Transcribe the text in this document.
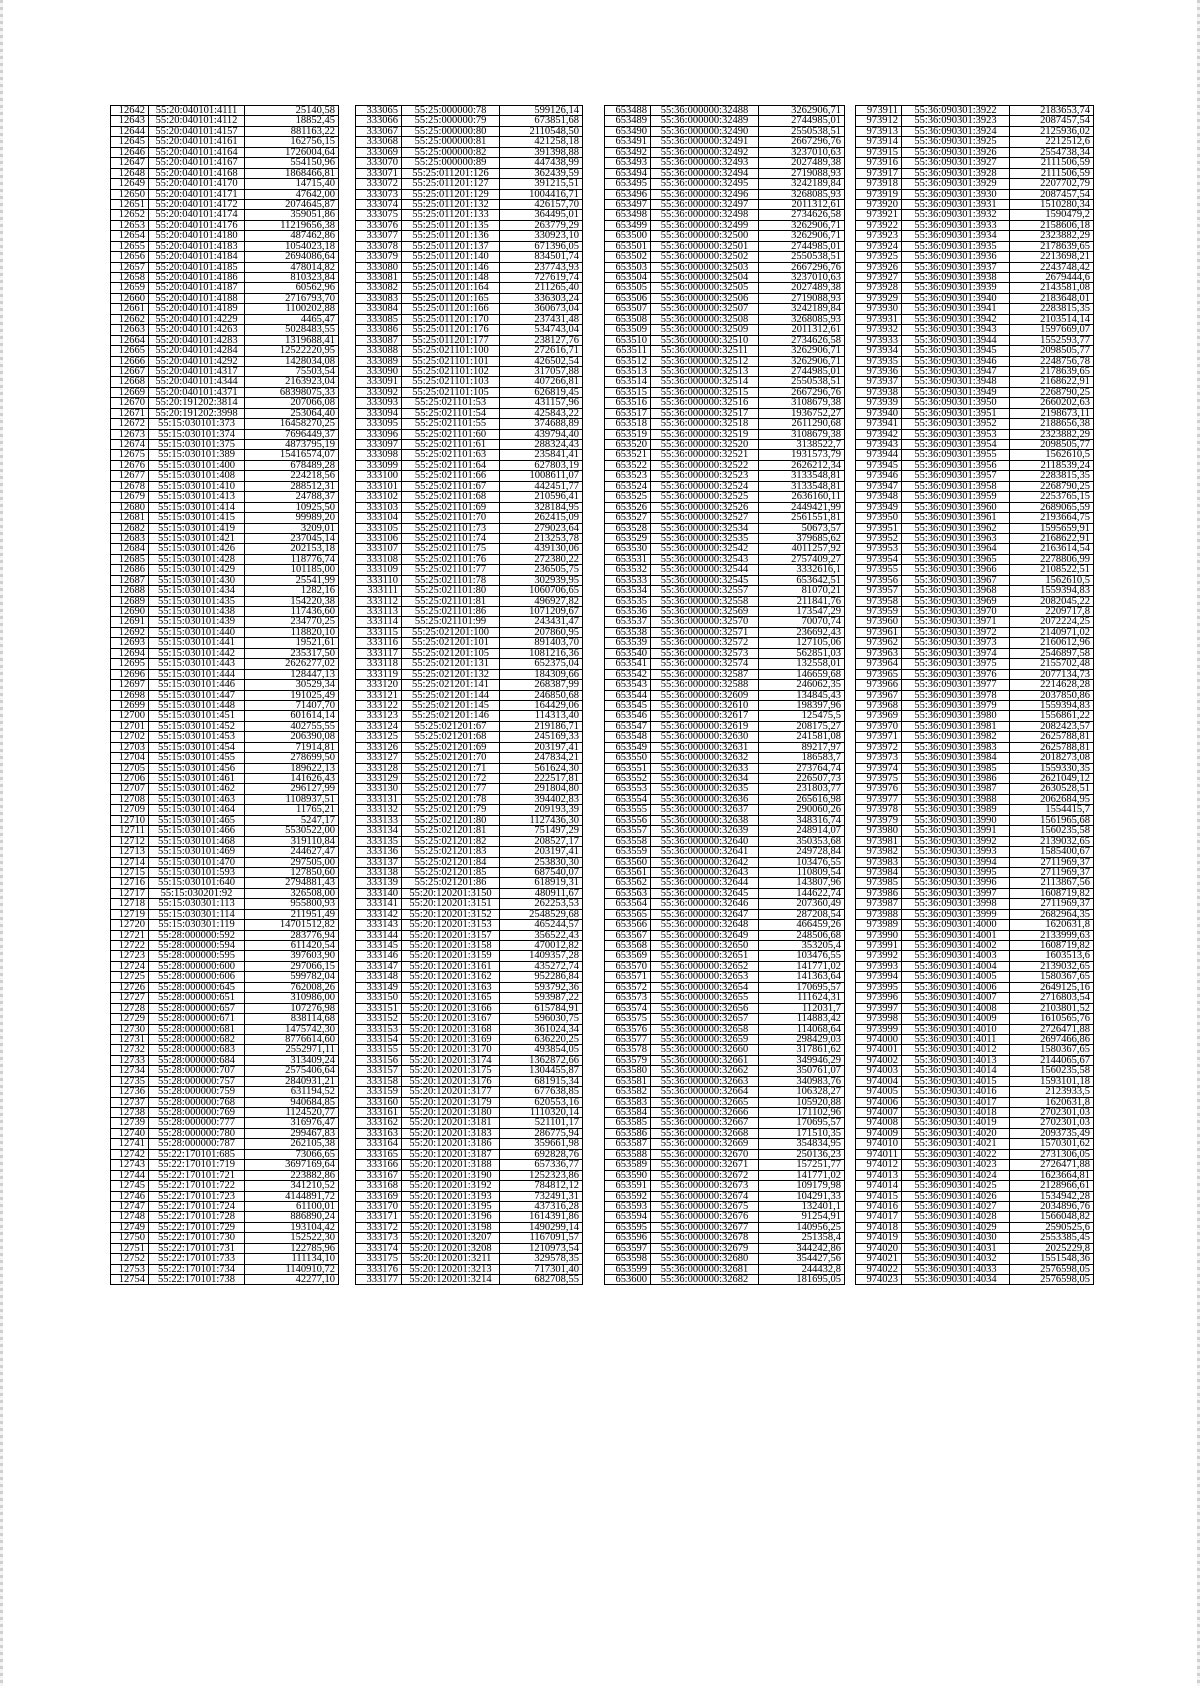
12642	55:20:040101:4111	25140,58
12643	55:20:040101:4112	18852,45
12644	55:20:040101:4157	881163,22
12645	55:20:040101:4161	162756,15
12646	55:20:040101:4164	1726004,64
12647	55:20:040101:4167	554150,96
12648	55:20:040101:4168	1868466,81
12649	55:20:040101:4170	14715,40
12650	55:20:040101:4171	47642,00
12651	55:20:040101:4172	2074645,87
12652	55:20:040101:4174	359051,86
12653	55:20:040101:4176	11219656,38
12654	55:20:040101:4180	487462,86
12655	55:20:040101:4183	1054023,18
12656	55:20:040101:4184	2694086,64
12657	55:20:040101:4185	478014,82
12658	55:20:040101:4186	810323,84
12659	55:20:040101:4187	60562,96
12660	55:20:040101:4188	2716793,70
12661	55:20:040101:4189	1100202,88
12662	55:20:040101:4229	4465,47
12663	55:20:040101:4263	5028483,55
12664	55:20:040101:4283	1319688,41
12665	55:20:040101:4284	12522220,95
12666	55:20:040101:4292	1428034,08
12667	55:20:040101:4317	75503,54
12668	55:20:040101:4344	2163923,04
12669	55:20:040101:4371	68398075,33
12670	55:20:191202:3814	207066,08
12671	55:20:191202:3998	253064,40
12672	55:15:030101:373	16458270,25
12673	55:15:030101:374	7696449,37
12674	55:15:030101:375	4873795,19
12675	55:15:030101:389	15416574,07
12676	55:15:030101:400	678489,28
12677	55:15:030101:408	224218,56
12678	55:15:030101:410	288512,31
12679	55:15:030101:413	24788,37
12680	55:15:030101:414	10925,50
12681	55:15:030101:415	99989,20
12682	55:15:030101:419	3209,01
12683	55:15:030101:421	237045,14
12684	55:15:030101:426	202153,18
12685	55:15:030101:428	118776,74
12686	55:15:030101:429	101185,00
12687	55:15:030101:430	25541,99
12688	55:15:030101:434	1282,16
12689	55:15:030101:435	154220,38
12690	55:15:030101:438	117436,60
12691	55:15:030101:439	234770,25
12692	55:15:030101:440	118820,10
12693	55:15:030101:441	19521,61
12694	55:15:030101:442	235317,50
12695	55:15:030101:443	2626277,02
12696	55:15:030101:444	128447,13
12697	55:15:030101:446	30529,34
12698	55:15:030101:447	191025,49
12699	55:15:030101:448	71407,70
12700	55:15:030101:451	601614,14
12701	55:15:030101:452	402755,55
12702	55:15:030101:453	206390,08
12703	55:15:030101:454	71914,81
12704	55:15:030101:455	278699,50
12705	55:15:030101:456	189622,13
12706	55:15:030101:461	141626,43
12707	55:15:030101:462	296127,99
12708	55:15:030101:463	1108937,51
12709	55:15:030101:464	11765,21
12710	55:15:030101:465	5247,17
12711	55:15:030101:466	5530522,00
12712	55:15:030101:468	319110,84
12713	55:15:030101:469	244627,47
12714	55:15:030101:470	297505,00
12715	55:15:030101:593	127850,60
12716	55:15:030101:640	2794881,43
12717	55:15:030201:92	326508,00
12718	55:15:030301:113	955800,93
12719	55:15:030301:114	211951,49
12720	55:15:030301:119	14701512,82
12721	55:28:000000:592	283776,94
12722	55:28:000000:594	611420,54
12723	55:28:000000:595	397603,90
12724	55:28:000000:600	297066,15
12725	55:28:000000:606	599782,04
12726	55:28:000000:645	762008,26
12727	55:28:000000:651	310986,00
12728	55:28:000000:657	107276,98
12729	55:28:000000:671	838114,68
12730	55:28:000000:681	1475742,30
12731	55:28:000000:682	8776614,60
12732	55:28:000000:683	2552971,11
12733	55:28:000000:684	313409,24
12734	55:28:000000:707	2575406,64
12735	55:28:000000:757	2840931,21
12736	55:28:000000:759	631194,52
12737	55:28:000000:768	940684,85
12738	55:28:000000:769	1124520,77
12739	55:28:000000:777	316976,47
12740	55:28:000000:780	299467,83
12741	55:28:000000:787	262105,38
12742	55:22:170101:685	73066,65
12743	55:22:170101:719	3697169,64
12744	55:22:170101:721	223882,86
12745	55:22:170101:722	341210,52
12746	55:22:170101:723	4144891,72
12747	55:22:170101:724	61100,01
12748	55:22:170101:728	886890,24
12749	55:22:170101:729	193104,42
12750	55:22:170101:730	152522,30
12751	55:22:170101:731	122785,96
12752	55:22:170101:733	111134,10
12753	55:22:170101:734	1140910,72
12754	55:22:170101:738	42277,10
333065	55:25:000000:78	599126,14
333066	55:25:000000:79	673851,68
333067	55:25:000000:80	2110548,50
333068	55:25:000000:81	421258,18
333069	55:25:000000:82	391398,88
333070	55:25:000000:89	447438,99
333071	55:25:011201:126	362439,59
333072	55:25:011201:127	391215,51
333073	55:25:011201:129	1004416,71
333074	55:25:011201:132	426157,70
333075	55:25:011201:133	364495,01
333076	55:25:011201:135	263779,29
333077	55:25:011201:136	330923,10
333078	55:25:011201:137	671396,05
333079	55:25:011201:140	834501,74
333080	55:25:011201:146	237743,93
333081	55:25:011201:148	727619,74
333082	55:25:011201:164	211265,40
333083	55:25:011201:165	336303,24
333084	55:25:011201:166	360673,04
333085	55:25:011201:170	237431,48
333086	55:25:011201:176	534743,04
333087	55:25:011201:177	238127,76
333088	55:25:021101:100	272616,71
333089	55:25:021101:101	426502,54
333090	55:25:021101:102	317057,88
333091	55:25:021101:103	407266,81
333092	55:25:021101:105	626819,45
333093	55:25:021101:53	431157,96
333094	55:25:021101:54	425843,22
333095	55:25:021101:55	374688,89
333096	55:25:021101:60	439794,40
333097	55:25:021101:61	288324,43
333098	55:25:021101:63	235841,41
333099	55:25:021101:64	627803,19
333100	55:25:021101:66	1008611,07
333101	55:25:021101:67	442451,77
333102	55:25:021101:68	210596,41
333103	55:25:021101:69	328184,95
333104	55:25:021101:70	262415,09
333105	55:25:021101:73	279023,64
333106	55:25:021101:74	213253,78
333107	55:25:021101:75	439130,06
333108	55:25:021101:76	272380,22
333109	55:25:021101:77	236505,75
333110	55:25:021101:78	302939,95
333111	55:25:021101:80	1060706,65
333112	55:25:021101:81	496927,82
333113	55:25:021101:86	1071209,67
333114	55:25:021101:99	243431,47
333115	55:25:021201:100	207860,95
333116	55:25:021201:101	891403,70
333117	55:25:021201:105	1081216,36
333118	55:25:021201:131	652375,04
333119	55:25:021201:132	184309,66
333120	55:25:021201:141	268387,99
333121	55:25:021201:144	246850,68
333122	55:25:021201:145	164429,06
333123	55:25:021201:146	114313,40
333124	55:25:021201:67	219186,71
333125	55:25:021201:68	245169,33
333126	55:25:021201:69	203197,41
333127	55:25:021201:70	247834,21
333128	55:25:021201:71	561624,30
333129	55:25:021201:72	222517,81
333130	55:25:021201:77	291804,80
333131	55:25:021201:78	394402,83
333132	55:25:021201:79	209193,39
333133	55:25:021201:80	1127436,30
333134	55:25:021201:81	751497,29
333135	55:25:021201:82	208527,17
333136	55:25:021201:83	203197,41
333137	55:25:021201:84	253830,30
333138	55:25:021201:85	687540,07
333139	55:25:021201:86	618919,31
333140	55:20:120201:3150	480911,67
333141	55:20:120201:3151	262253,53
333142	55:20:120201:3152	2548529,68
333143	55:20:120201:3153	465244,57
333144	55:20:120201:3157	356522,43
333145	55:20:120201:3158	470012,82
333146	55:20:120201:3159	1409357,28
333147	55:20:120201:3161	435272,74
333148	55:20:120201:3162	952286,84
333149	55:20:120201:3163	593792,36
333150	55:20:120201:3165	593987,22
333151	55:20:120201:3166	615784,91
333152	55:20:120201:3167	596030,75
333153	55:20:120201:3168	361024,34
333154	55:20:120201:3169	636220,25
333155	55:20:120201:3170	493854,05
333156	55:20:120201:3174	1362872,66
333157	55:20:120201:3175	1304455,87
333158	55:20:120201:3176	681915,34
333159	55:20:120201:3177	677638,85
333160	55:20:120201:3179	620553,16
333161	55:20:120201:3180	1110320,14
333162	55:20:120201:3181	521101,17
333163	55:20:120201:3183	286775,94
333164	55:20:120201:3186	359661,98
333165	55:20:120201:3187	692828,76
333166	55:20:120201:3188	657336,77
333167	55:20:120201:3190	1252323,86
333168	55:20:120201:3192	784812,12
333169	55:20:120201:3193	732491,31
333170	55:20:120201:3195	437316,28
333171	55:20:120201:3196	1614391,86
333172	55:20:120201:3198	1490299,14
333173	55:20:120201:3207	1167091,57
333174	55:20:120201:3208	1210973,54
333175	55:20:120201:3211	329578,35
333176	55:20:120201:3213	717301,40
333177	55:20:120201:3214	682708,55
653488	55:36:000000:32488	3262906,71
653489	55:36:000000:32489	2744985,01
653490	55:36:000000:32490	2550538,51
653491	55:36:000000:32491	2667296,76
653492	55:36:000000:32492	3237010,63
653493	55:36:000000:32493	2027489,38
653494	55:36:000000:32494	2719088,93
653495	55:36:000000:32495	3242189,84
653496	55:36:000000:32496	3268085,93
653497	55:36:000000:32497	2011312,61
653498	55:36:000000:32498	2734626,58
653499	55:36:000000:32499	3262906,71
653500	55:36:000000:32500	3262906,71
653501	55:36:000000:32501	2744985,01
653502	55:36:000000:32502	2550538,51
653503	55:36:000000:32503	2667296,76
653504	55:36:000000:32504	3237010,63
653505	55:36:000000:32505	2027489,38
653506	55:36:000000:32506	2719088,93
653507	55:36:000000:32507	3242189,84
653508	55:36:000000:32508	3268085,93
653509	55:36:000000:32509	2011312,61
653510	55:36:000000:32510	2734626,58
653511	55:36:000000:32511	3262906,71
653512	55:36:000000:32512	3262906,71
653513	55:36:000000:32513	2744985,01
653514	55:36:000000:32514	2550538,51
653515	55:36:000000:32515	2667296,76
653516	55:36:000000:32516	3108679,38
653517	55:36:000000:32517	1936752,27
653518	55:36:000000:32518	2611290,68
653519	55:36:000000:32519	3108679,38
653520	55:36:000000:32520	3138522,7
653521	55:36:000000:32521	1931573,79
653522	55:36:000000:32522	2626212,34
653523	55:36:000000:32523	3133548,81
653524	55:36:000000:32524	3133548,81
653525	55:36:000000:32525	2636160,11
653526	55:36:000000:32526	2449421,99
653527	55:36:000000:32527	2561551,81
653528	55:36:000000:32534	50673,57
653529	55:36:000000:32535	379685,62
653530	55:36:000000:32542	4011257,92
653531	55:36:000000:32543	2757409,27
653532	55:36:000000:32544	3332616,1
653533	55:36:000000:32545	653642,51
653534	55:36:000000:32557	81070,21
653535	55:36:000000:32558	211841,76
653536	55:36:000000:32569	173547,29
653537	55:36:000000:32570	70070,74
653538	55:36:000000:32571	236692,43
653539	55:36:000000:32572	127105,06
653540	55:36:000000:32573	562851,03
653541	55:36:000000:32574	132558,01
653542	55:36:000000:32587	146659,68
653543	55:36:000000:32588	246062,35
653544	55:36:000000:32609	134845,43
653545	55:36:000000:32610	198397,96
653546	55:36:000000:32617	125475,5
653547	55:36:000000:32619	208175,27
653548	55:36:000000:32630	241581,08
653549	55:36:000000:32631	89217,97
653550	55:36:000000:32632	186583,7
653551	55:36:000000:32633	273764,74
653552	55:36:000000:32634	226507,73
653553	55:36:000000:32635	231803,77
653554	55:36:000000:32636	265616,98
653555	55:36:000000:32637	290060,26
653556	55:36:000000:32638	348316,74
653557	55:36:000000:32639	248914,07
653558	55:36:000000:32640	350353,68
653559	55:36:000000:32641	249728,84
653560	55:36:000000:32642	103476,55
653561	55:36:000000:32643	110809,54
653562	55:36:000000:32644	143807,96
653563	55:36:000000:32645	144622,74
653564	55:36:000000:32646	207360,49
653565	55:36:000000:32647	287208,54
653566	55:36:000000:32648	466459,26
653567	55:36:000000:32649	248506,68
653568	55:36:000000:32650	353205,4
653569	55:36:000000:32651	103476,55
653570	55:36:000000:32652	141771,02
653571	55:36:000000:32653	141363,64
653572	55:36:000000:32654	170695,57
653573	55:36:000000:32655	111624,31
653574	55:36:000000:32656	112031,7
653575	55:36:000000:32657	114883,42
653576	55:36:000000:32658	114068,64
653577	55:36:000000:32659	298429,03
653578	55:36:000000:32660	317861,62
653579	55:36:000000:32661	349946,29
653580	55:36:000000:32662	350761,07
653581	55:36:000000:32663	340983,76
653582	55:36:000000:32664	106328,27
653583	55:36:000000:32665	105920,88
653584	55:36:000000:32666	171102,96
653585	55:36:000000:32667	170695,57
653586	55:36:000000:32668	171510,35
653587	55:36:000000:32669	354834,95
653588	55:36:000000:32670	250136,23
653589	55:36:000000:32671	157251,77
653590	55:36:000000:32672	141771,02
653591	55:36:000000:32673	109179,98
653592	55:36:000000:32674	104291,33
653593	55:36:000000:32675	132401,1
653594	55:36:000000:32676	91254,91
653595	55:36:000000:32677	140956,25
653596	55:36:000000:32678	251358,4
653597	55:36:000000:32679	344242,86
653598	55:36:000000:32680	354427,56
653599	55:36:000000:32681	244432,8
653600	55:36:000000:32682	181695,05
973911	55:36:090301:3922	2183653,74
973912	55:36:090301:3923	2087457,54
973913	55:36:090301:3924	2125936,02
973914	55:36:090301:3925	2212512,6
973915	55:36:090301:3926	2554738,34
973916	55:36:090301:3927	2111506,59
973917	55:36:090301:3928	2111506,59
973918	55:36:090301:3929	2207702,79
973919	55:36:090301:3930	2087457,54
973920	55:36:090301:3931	1510280,34
973921	55:36:090301:3932	1590479,2
973922	55:36:090301:3933	2158606,18
973923	55:36:090301:3934	2323882,29
973924	55:36:090301:3935	2178639,65
973925	55:36:090301:3936	2213698,21
973926	55:36:090301:3937	2243748,42
973927	55:36:090301:3938	2679444,6
973928	55:36:090301:3939	2143581,08
973929	55:36:090301:3940	2183648,01
973930	55:36:090301:3941	2283815,35
973931	55:36:090301:3942	2103514,14
973932	55:36:090301:3943	1597669,07
973933	55:36:090301:3944	1552593,77
973934	55:36:090301:3945	2098505,77
973935	55:36:090301:3946	2248756,78
973936	55:36:090301:3947	2178639,65
973937	55:36:090301:3948	2168622,91
973938	55:36:090301:3949	2268790,25
973939	55:36:090301:3950	2660202,63
973940	55:36:090301:3951	2198673,11
973941	55:36:090301:3952	2188656,38
973942	55:36:090301:3953	2323882,29
973943	55:36:090301:3954	2098505,77
973944	55:36:090301:3955	1562610,5
973945	55:36:090301:3956	2118539,24
973946	55:36:090301:3957	2283815,35
973947	55:36:090301:3958	2268790,25
973948	55:36:090301:3959	2253765,15
973949	55:36:090301:3960	2689065,59
973950	55:36:090301:3961	2193664,75
973951	55:36:090301:3962	1595659,91
973952	55:36:090301:3963	2168622,91
973953	55:36:090301:3964	2163614,54
973954	55:36:090301:3965	2278806,99
973955	55:36:090301:3966	2108522,51
973956	55:36:090301:3967	1562610,5
973957	55:36:090301:3968	1559394,83
973958	55:36:090301:3969	2082045,22
973959	55:36:090301:3970	2209717,8
973960	55:36:090301:3971	2072224,25
973961	55:36:090301:3972	2140971,02
973962	55:36:090301:3973	2160612,96
973963	55:36:090301:3974	2546897,58
973964	55:36:090301:3975	2155702,48
973965	55:36:090301:3976	2077134,73
973966	55:36:090301:3977	2214628,28
973967	55:36:090301:3978	2037850,86
973968	55:36:090301:3979	1559394,83
973969	55:36:090301:3980	1556861,22
973970	55:36:090301:3981	2082423,57
973971	55:36:090301:3982	2625788,81
973972	55:36:090301:3983	2625788,81
973973	55:36:090301:3984	2018273,08
973974	55:36:090301:3985	1559330,35
973975	55:36:090301:3986	2621049,12
973976	55:36:090301:3987	2630528,51
973977	55:36:090301:3988	2062684,95
973978	55:36:090301:3989	1554415,7
973979	55:36:090301:3990	1561965,68
973980	55:36:090301:3991	1560235,58
973981	55:36:090301:3992	2139032,65
973982	55:36:090301:3993	1585400,67
973983	55:36:090301:3994	2711969,37
973984	55:36:090301:3995	2711969,37
973985	55:36:090301:3996	2113867,56
973986	55:36:090301:3997	1608719,82
973987	55:36:090301:3998	2711969,37
973988	55:36:090301:3999	2682964,35
973989	55:36:090301:4000	1620631,8
973990	55:36:090301:4001	2133999,63
973991	55:36:090301:4002	1608719,82
973992	55:36:090301:4003	1603513,6
973993	55:36:090301:4004	2139032,65
973994	55:36:090301:4005	1580367,65
973995	55:36:090301:4006	2649125,16
973996	55:36:090301:4007	2716803,54
973997	55:36:090301:4008	2103801,52
973998	55:36:090301:4009	1610565,76
973999	55:36:090301:4010	2726471,88
974000	55:36:090301:4011	2697466,86
974001	55:36:090301:4012	1580367,65
974002	55:36:090301:4013	2144065,67
974003	55:36:090301:4014	1560235,58
974004	55:36:090301:4015	1593101,18
974005	55:36:090301:4016	2123933,5
974006	55:36:090301:4017	1620631,8
974007	55:36:090301:4018	2702301,03
974008	55:36:090301:4019	2702301,03
974009	55:36:090301:4020	2093735,49
974010	55:36:090301:4021	1570301,62
974011	55:36:090301:4022	2731306,05
974012	55:36:090301:4023	2726471,88
974013	55:36:090301:4024	1623664,81
974014	55:36:090301:4025	2128966,61
974015	55:36:090301:4026	1534942,28
974016	55:36:090301:4027	2034896,76
974017	55:36:090301:4028	1566048,82
974018	55:36:090301:4029	2590525,6
974019	55:36:090301:4030	2553385,45
974020	55:36:090301:4031	2025229,8
974021	55:36:090301:4032	1551548,36
974022	55:36:090301:4033	2576598,05
974023	55:36:090301:4034	2576598,05
